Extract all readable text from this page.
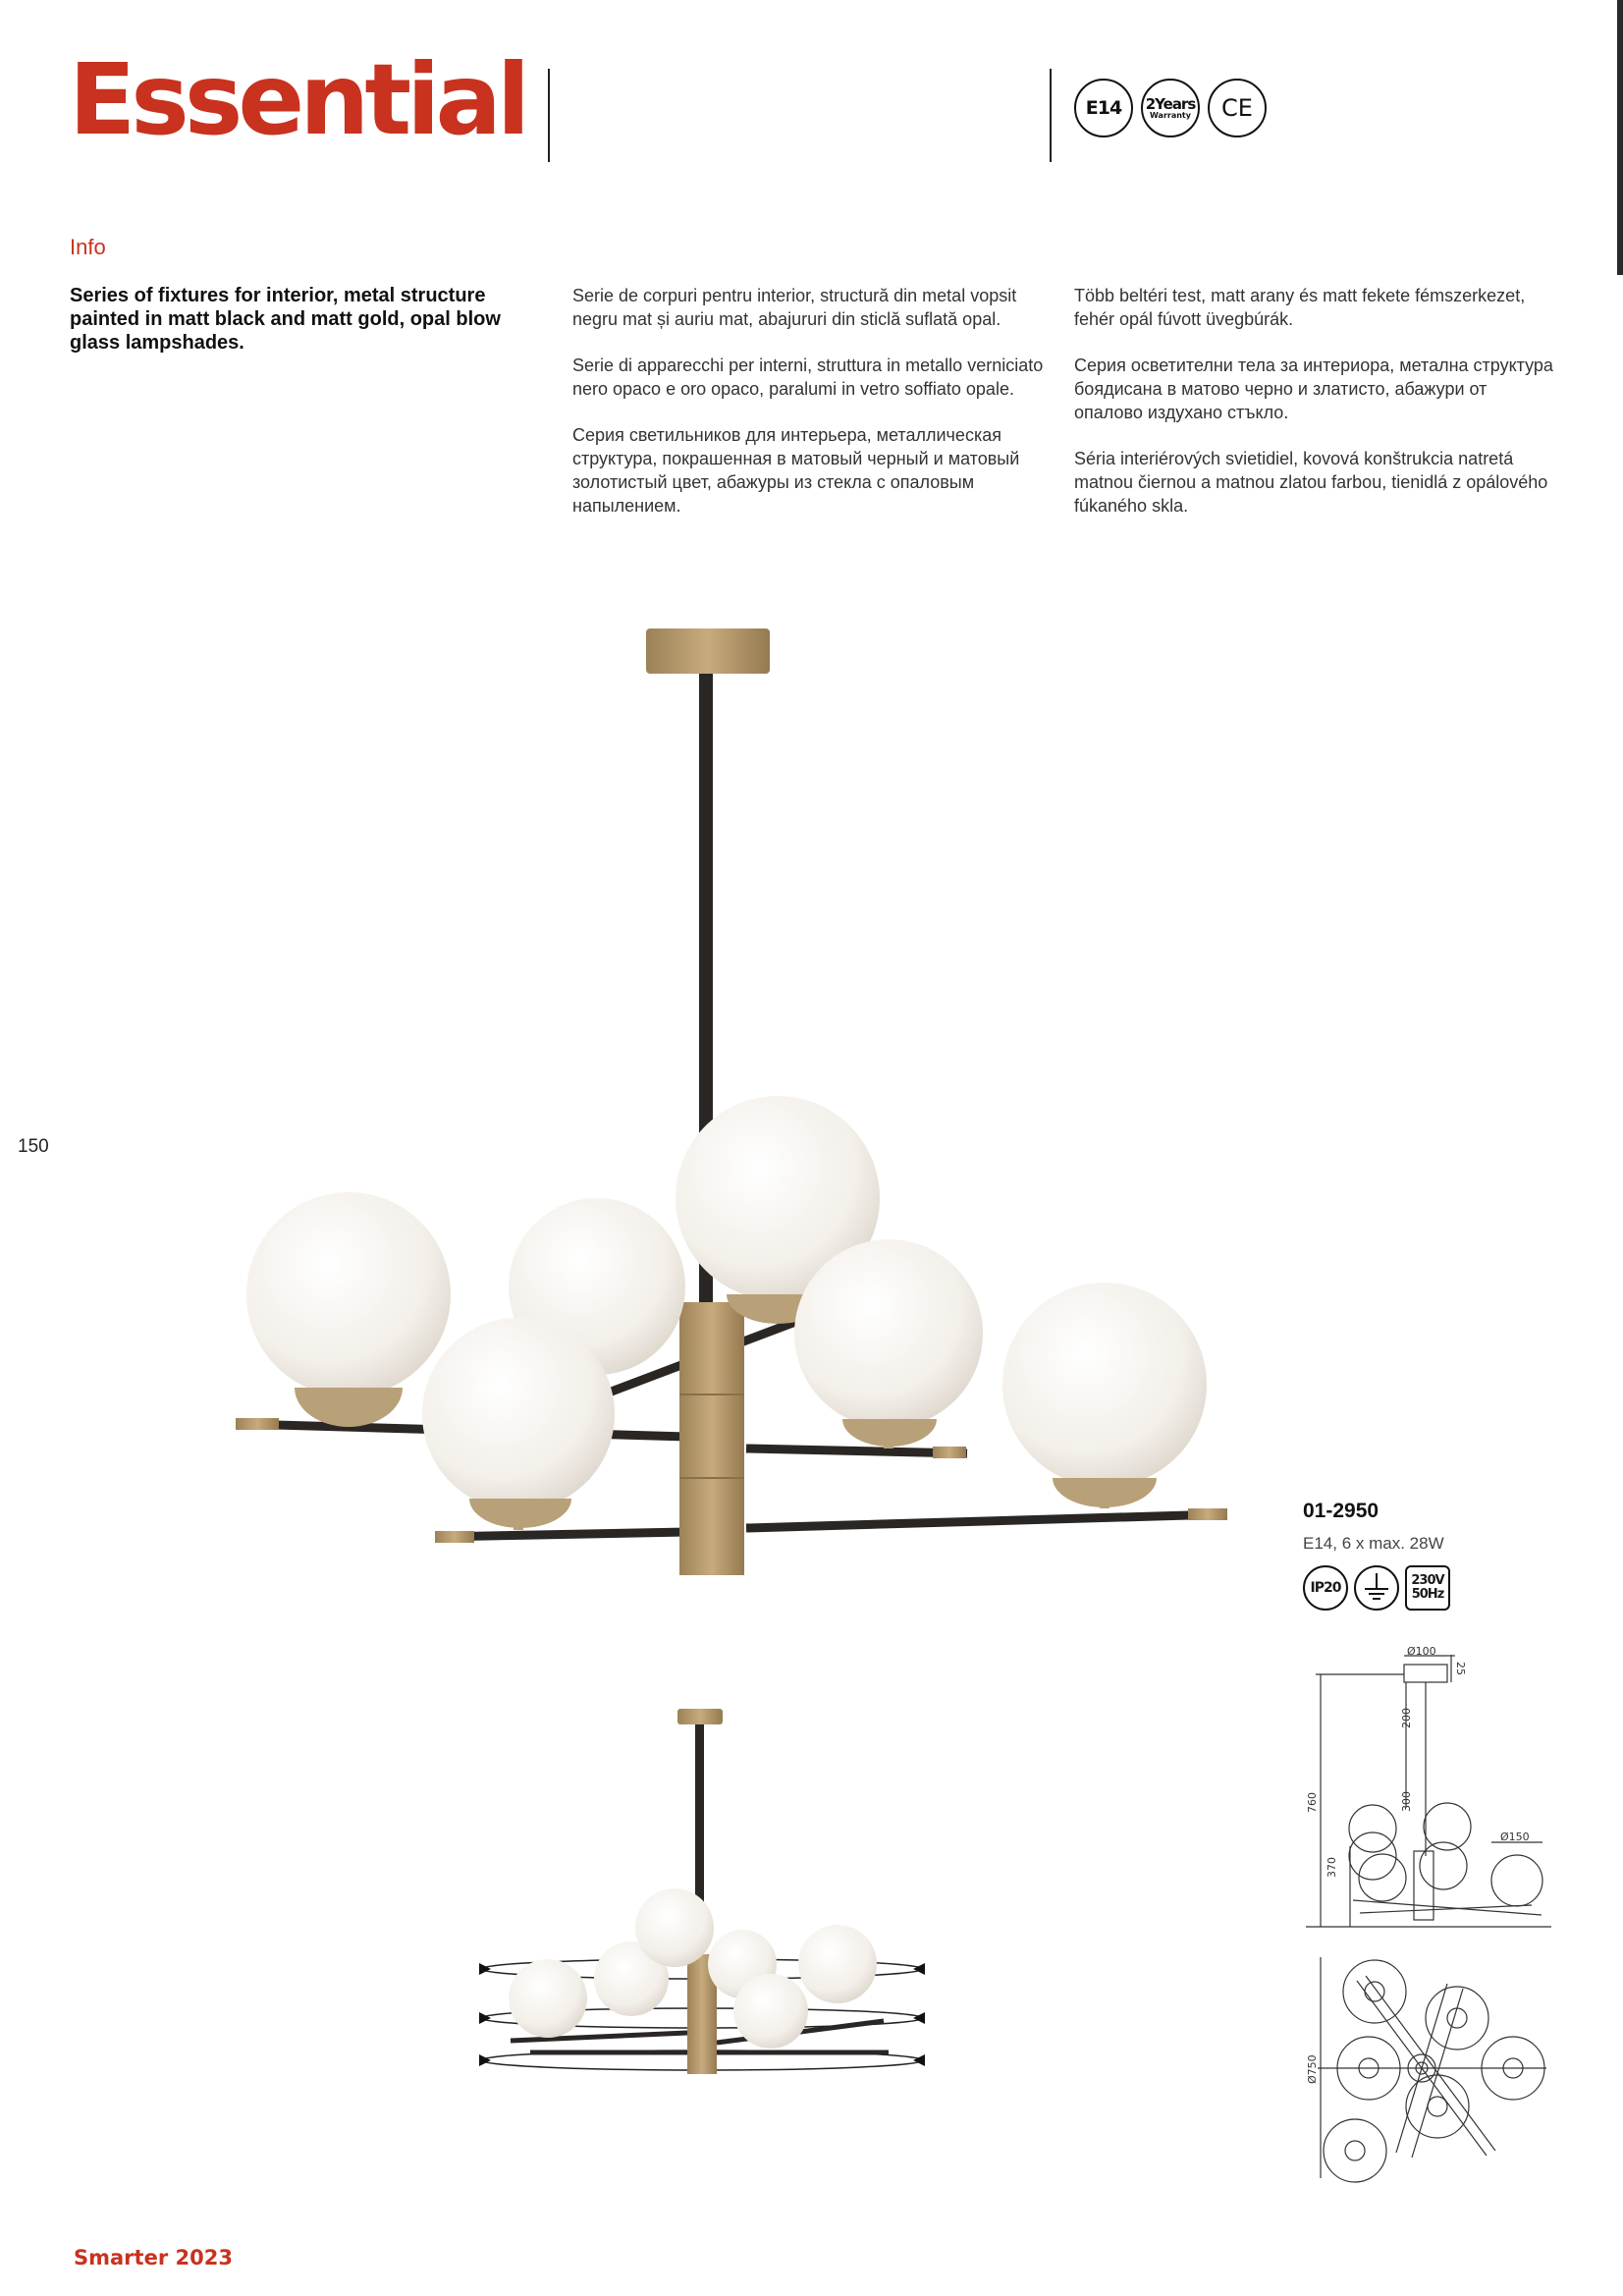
Essential	E14	2Years
Warranty	CE
Info

Series of fixtures for interior, metal structure painted in matt black and matt gold, opal blow glass lampshades.

Serie de corpuri pentru interior, structură din metal vopsit negru mat și auriu mat, abajururi din sticlă suflată opal.

Serie di apparecchi per interni, struttura in metallo verniciato nero opaco e oro opaco, paralumi in vetro soffiato opale.

Серия светильников для интерьера, металлическая структура, покрашенная в матовый черный и матовый золотистый цвет, абажуры из стекла с опаловым напылением.

Több beltéri test, matt arany és matt fekete fémszerkezet, fehér opál fúvott üvegbúrák.

Серия осветителни тела за интериора, метална структура боядисана в матово черно и златисто, абажури от опалово издухано стъкло.

Séria interiérových svietidiel, kovová konštrukcia natretá matnou čiernou a matnou zlatou farbou, tienidlá z opálového fúkaného skla.

150
Ø100
25
200
300
760
370
Ø150
Ø750
01-2950
E14, 6 x max. 28W
IP20	230V
50Hz
Smarter 2023
